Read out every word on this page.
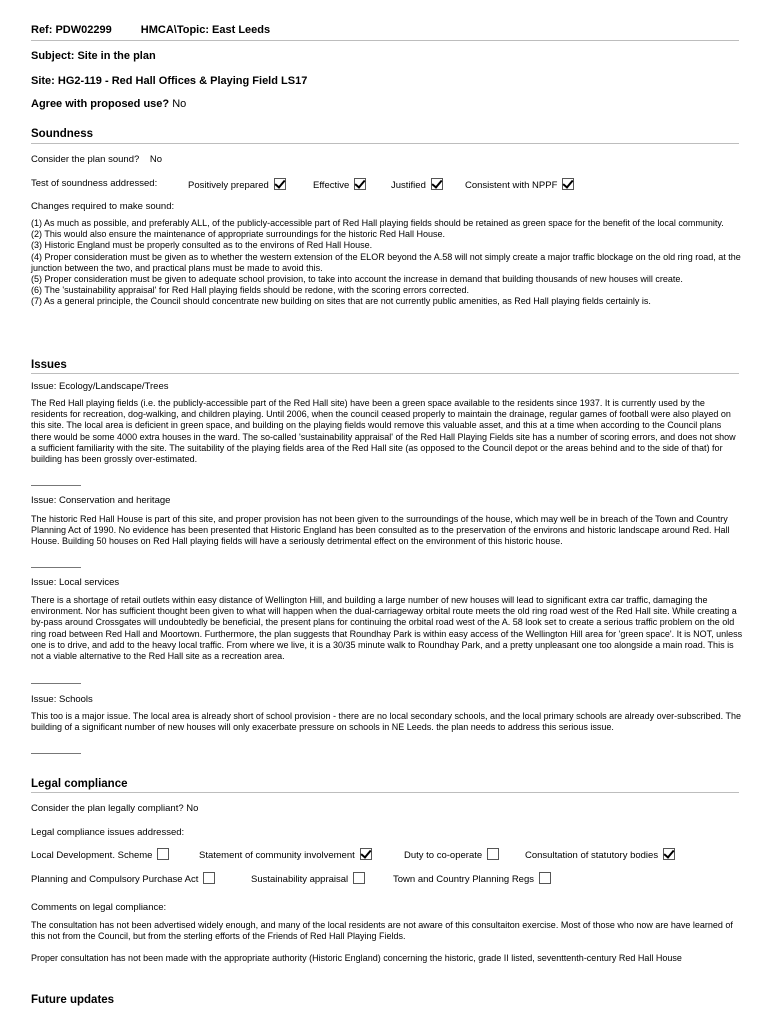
Ref: PDW02299	HMCA\Topic: East Leeds
Subject: Site in the plan
Site: HG2-119 - Red Hall Offices & Playing Field LS17
Agree with proposed use? No
Soundness
Consider the plan sound? No
Test of soundness addressed:	Positively prepared	Effective	Justified	Consistent with NPPF
Changes required to make sound:

(1) As much as possible, and preferably ALL, of the publicly-accessible part of Red Hall playing fields should be retained as green space for the benefit of the local community.

(2) This would also ensure the maintenance of appropriate surroundings for the historic Red Hall House.

(3) Historic England must be properly consulted as to the environs of Red Hall House.

(4) Proper consideration must be given as to whether the western extension of the ELOR beyond the A.58 will not simply create a major traffic blockage on the old ring road, at the junction between the two, and practical plans must be made to avoid this.

(5) Proper consideration must be given to adequate school provision, to take into account the increase in demand that building thousands of new houses will create.

(6) The 'sustainability appraisal' for Red Hall playing fields should be redone, with the scoring errors corrected.

(7) As a general principle, the Council should concentrate new building on sites that are not currently public amenities, as Red Hall playing fields certainly is.

Issues
Issue: Ecology/Landscape/Trees
The Red Hall playing fields (i.e. the publicly-accessible part of the Red Hall site) have been a green space available to the residents since 1937. It is currently used by the residents for recreation, dog-walking, and children playing. Until 2006, when the council ceased properly to maintain the drainage, regular games of football were also played on this site. The local area is deficient in green space, and building on the playing fields would remove this valuable asset, and this at a time when according to the Council plans there would be some 4000 extra houses in the ward. The so-called 'sustainability appraisal' of the Red Hall Playing Fields site has a number of scoring errors, and does not show a sufficient familiarity with the site. The suitability of the playing fields area of the Red Hall site (as opposed to the Council depot or the areas behind and to the side of that) for building has been grossly over-estimated.
Issue: Conservation and heritage
The historic Red Hall House is part of this site, and proper provision has not been given to the surroundings of the house, which may well be in breach of the Town and Country Planning Act of 1990. No evidence has been presented that Historic England has been consulted as to the preservation of the environs and historic landscape around Red. Hall House. Building 50 houses on Red Hall playing fields will have a seriously detrimental effect on the environment of this historic house.
Issue: Local services
There is a shortage of retail outlets within easy distance of Wellington Hill, and building a large number of new houses will lead to significant extra car traffic, damaging the environment. Nor has sufficient thought been given to what will happen when the dual-carriageway orbital route meets the old ring road west of the Red Hall site. While creating a by-pass around Crossgates will undoubtedly be beneficial, the present plans for continuing the orbital road west of the A. 58 look set to create a serious traffic problem on the old ring road between Red Hall and Moortown. Furthermore, the plan suggests that Roundhay Park is within easy access of the Wellington Hill area for 'green space'. It is NOT, unless one is to drive, and add to the heavy local traffic. From where we live, it is a 30/35 minute walk to Roundhay Park, and a pretty unpleasant one too alongside a main road. This is not a viable alternative to the Red Hall site as a recreation area.
Issue: Schools
This too is a major issue. The local area is already short of school provision - there are no local secondary schools, and the local primary schools are already over-subscribed. The building of a significant number of new houses will only exacerbate pressure on schools in NE Leeds. the plan needs to address this serious issue.
Legal compliance
Consider the plan legally compliant? No
Legal compliance issues addressed:
Local Development. Scheme	Statement of community involvement	Duty to co-operate	Consultation of statutory bodies
Planning and Compulsory Purchase Act	Sustainability appraisal	Town and Country Planning Regs
Comments on legal compliance:
The consultation has not been advertised widely enough, and many of the local residents are not aware of this consultaiton exercise. Most of those who now are have learned of this not from the Council, but from the sterling efforts of the Friends of Red Hall Playing Fields.
Proper consultation has not been made with the appropriate authority (Historic England) concerning the historic, grade II listed, seventtenth-century Red Hall House
Future updates
